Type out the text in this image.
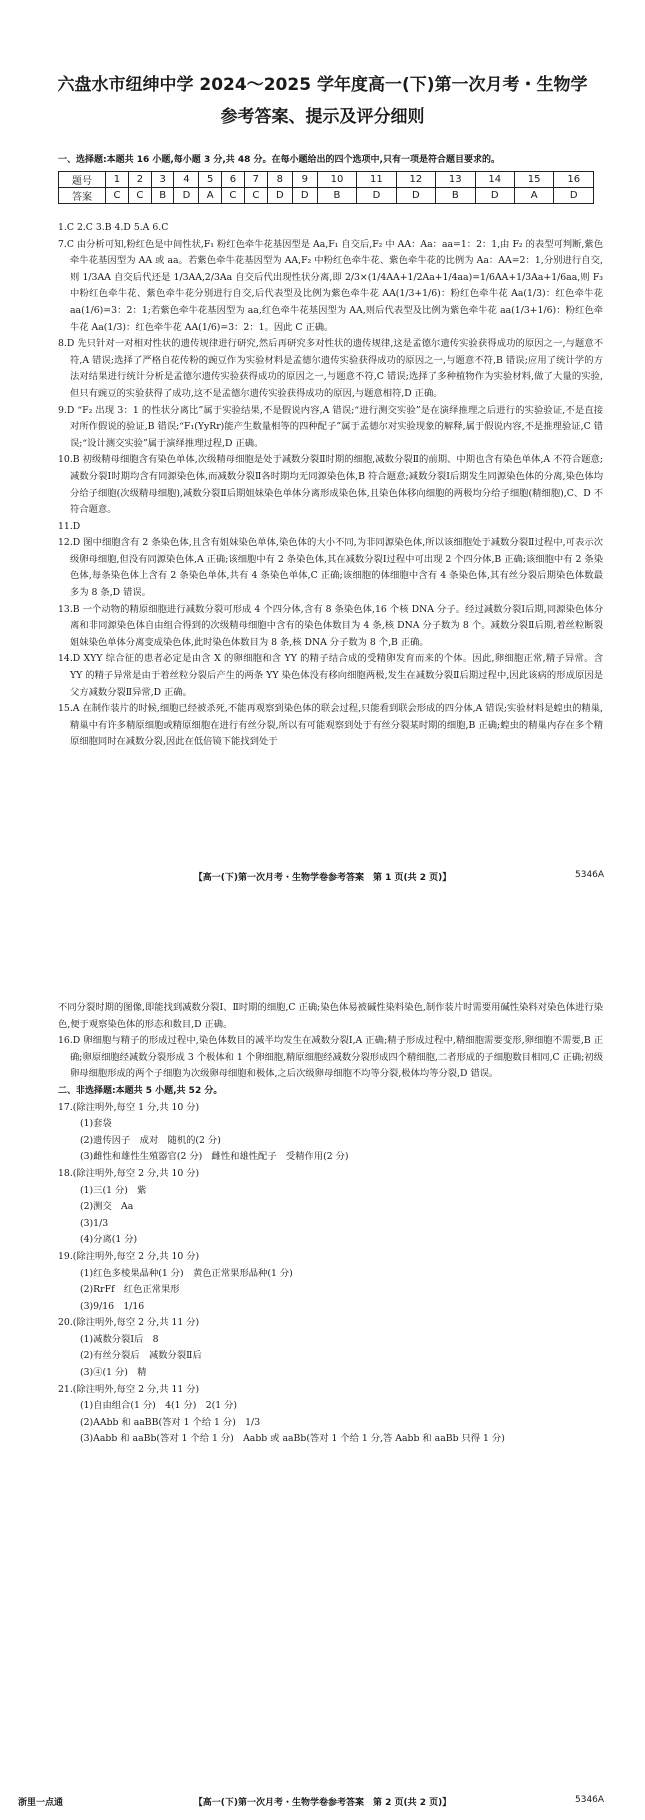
六盘水市纽绅中学 2024～2025 学年度高一(下)第一次月考・生物学
参考答案、提示及评分细则
一、选择题:本题共 16 小题,每小题 3 分,共 48 分。在每小题给出的四个选项中,只有一项是符合题目要求的。
题号	1	2	3	4	5	6	7	8	9	10	11	12	13	14	15	16
答案	C	C	B	D	A	C	C	D	D	B	D	D	B	D	A	D

1.C 2.C 3.B 4.D 5.A 6.C

7.C 由分析可知,粉红色是中间性状,F₁ 粉红色牵牛花基因型是 Aa,F₁ 自交后,F₂ 中 AA：Aa：aa=1：2：1,由 F₂ 的表型可判断,紫色牵牛花基因型为 AA 或 aa。若紫色牵牛花基因型为 AA,F₂ 中粉红色牵牛花、紫色牵牛花的比例为 Aa：AA=2：1,分别进行自交,则 1/3AA 自交后代还是 1/3AA,2/3Aa 自交后代出现性状分离,即 2/3×(1/4AA+1/2Aa+1/4aa)=1/6AA+1/3Aa+1/6aa,则 F₃ 中粉红色牵牛花、紫色牵牛花分别进行自交,后代表型及比例为紫色牵牛花 AA(1/3+1/6)：粉红色牵牛花 Aa(1/3)：红色牵牛花 aa(1/6)=3：2：1;若紫色牵牛花基因型为 aa,红色牵牛花基因型为 AA,则后代表型及比例为紫色牵牛花 aa(1/3+1/6)：粉红色牵牛花 Aa(1/3)：红色牵牛花 AA(1/6)=3：2：1。因此 C 正确。

8.D 先只针对一对相对性状的遗传规律进行研究,然后再研究多对性状的遗传规律,这是孟德尔遗传实验获得成功的原因之一,与题意不符,A 错误;选择了严格自花传粉的豌豆作为实验材料是孟德尔遗传实验获得成功的原因之一,与题意不符,B 错误;应用了统计学的方法对结果进行统计分析是孟德尔遗传实验获得成功的原因之一,与题意不符,C 错误;选择了多种植物作为实验材料,做了大量的实验,但只有豌豆的实验获得了成功,这不是孟德尔遗传实验获得成功的原因,与题意相符,D 正确。

9.D “F₂ 出现 3：1 的性状分离比”属于实验结果,不是假说内容,A 错误;“进行测交实验”是在演绎推理之后进行的实验验证,不是直接对所作假说的验证,B 错误;“F₁(YyRr)能产生数量相等的四种配子”属于孟德尔对实验现象的解释,属于假说内容,不是推理验证,C 错误;“设计测交实验”属于演绎推理过程,D 正确。

10.B 初级精母细胞含有染色单体,次级精母细胞是处于减数分裂Ⅱ时期的细胞,减数分裂Ⅱ的前期、中期也含有染色单体,A 不符合题意;减数分裂Ⅰ时期均含有同源染色体,而减数分裂Ⅱ各时期均无同源染色体,B 符合题意;减数分裂Ⅰ后期发生同源染色体的分离,染色体均分给子细胞(次级精母细胞),减数分裂Ⅱ后期姐妹染色单体分离形成染色体,且染色体移向细胞的两极均分给子细胞(精细胞),C、D 不符合题意。

11.D

12.D 图中细胞含有 2 条染色体,且含有姐妹染色单体,染色体的大小不同,为非同源染色体,所以该细胞处于减数分裂Ⅱ过程中,可表示次级卵母细胞,但没有同源染色体,A 正确;该细胞中有 2 条染色体,其在减数分裂Ⅰ过程中可出现 2 个四分体,B 正确;该细胞中有 2 条染色体,每条染色体上含有 2 条染色单体,共有 4 条染色单体,C 正确;该细胞的体细胞中含有 4 条染色体,其有丝分裂后期染色体数最多为 8 条,D 错误。

13.B 一个动物的精原细胞进行减数分裂可形成 4 个四分体,含有 8 条染色体,16 个核 DNA 分子。经过减数分裂Ⅰ后期,同源染色体分离和非同源染色体自由组合得到的次级精母细胞中含有的染色体数目为 4 条,核 DNA 分子数为 8 个。减数分裂Ⅱ后期,着丝粒断裂姐妹染色单体分离变成染色体,此时染色体数目为 8 条,核 DNA 分子数为 8 个,B 正确。

14.D XYY 综合征的患者必定是由含 X 的卵细胞和含 YY 的精子结合成的受精卵发育而来的个体。因此,卵细胞正常,精子异常。含 YY 的精子异常是由于着丝粒分裂后产生的两条 YY 染色体没有移向细胞两极,发生在减数分裂Ⅱ后期过程中,因此该病的形成原因是父方减数分裂Ⅱ异常,D 正确。

15.A 在制作装片的时候,细胞已经被杀死,不能再观察到染色体的联会过程,只能看到联会形成的四分体,A 错误;实验材料是蝗虫的精巢,精巢中有许多精原细胞或精原细胞在进行有丝分裂,所以有可能观察到处于有丝分裂某时期的细胞,B 正确;蝗虫的精巢内存在多个精原细胞同时在减数分裂,因此在低倍镜下能找到处于

【高一(下)第一次月考・生物学卷参考答案　第 1 页(共 2 页)】	5346A

不同分裂时期的图像,即能找到减数分裂Ⅰ、Ⅱ时期的细胞,C 正确;染色体易被碱性染料染色,制作装片时需要用碱性染料对染色体进行染色,便于观察染色体的形态和数目,D 正确。

16.D 卵细胞与精子的形成过程中,染色体数目的减半均发生在减数分裂Ⅰ,A 正确;精子形成过程中,精细胞需要变形,卵细胞不需要,B 正确;卵原细胞经减数分裂形成 3 个极体和 1 个卵细胞,精原细胞经减数分裂形成四个精细胞,二者形成的子细胞数目相同,C 正确;初级卵母细胞形成的两个子细胞为次级卵母细胞和极体,之后次级卵母细胞不均等分裂,极体均等分裂,D 错误。

二、非选择题:本题共 5 小题,共 52 分。

17.(除注明外,每空 1 分,共 10 分)

(1)套袋

(2)遗传因子　成对　随机的(2 分)

(3)雌性和雄性生殖器官(2 分)　雌性和雄性配子　受精作用(2 分)

18.(除注明外,每空 2 分,共 10 分)

(1)三(1 分)　紫

(2)测交　Aa

(3)1/3

(4)分离(1 分)

19.(除注明外,每空 2 分,共 10 分)

(1)红色多棱果晶种(1 分)　黄色正常果形晶种(1 分)

(2)RrFf　红色正常果形

(3)9/16　1/16

20.(除注明外,每空 2 分,共 11 分)

(1)减数分裂Ⅰ后　8

(2)有丝分裂后　减数分裂Ⅱ后

(3)④(1 分)　精

21.(除注明外,每空 2 分,共 11 分)

(1)自由组合(1 分)　4(1 分)　2(1 分)

(2)AAbb 和 aaBB(答对 1 个给 1 分)　1/3

(3)Aabb 和 aaBb(答对 1 个给 1 分)　Aabb 或 aaBb(答对 1 个给 1 分,答 Aabb 和 aaBb 只得 1 分)

浙里一点通	【高一(下)第一次月考・生物学卷参考答案　第 2 页(共 2 页)】	5346A
